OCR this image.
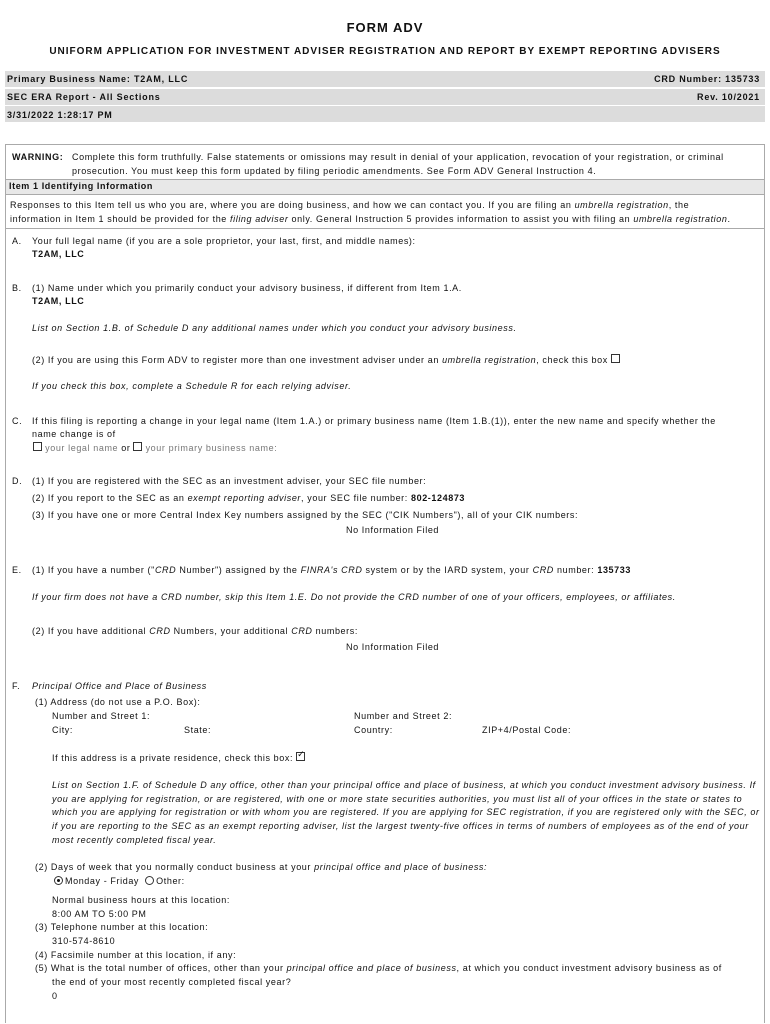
FORM ADV
UNIFORM APPLICATION FOR INVESTMENT ADVISER REGISTRATION AND REPORT BY EXEMPT REPORTING ADVISERS
Primary Business Name: T2AM, LLC	CRD Number: 135733
SEC ERA Report - All Sections	Rev. 10/2021
3/31/2022 1:28:17 PM
WARNING: Complete this form truthfully. False statements or omissions may result in denial of your application, revocation of your registration, or criminal
prosecution. You must keep this form updated by filing periodic amendments. See Form ADV General Instruction 4.
Item 1 Identifying Information
Responses to this Item tell us who you are, where you are doing business, and how we can contact you. If you are filing an umbrella registration, the
information in Item 1 should be provided for the filing adviser only. General Instruction 5 provides information to assist you with filing an umbrella registration.
A. Your full legal name (if you are a sole proprietor, your last, first, and middle names):
T2AM, LLC
B. (1) Name under which you primarily conduct your advisory business, if different from Item 1.A.
T2AM, LLC
List on Section 1.B. of Schedule D any additional names under which you conduct your advisory business.
(2) If you are using this Form ADV to register more than one investment adviser under an umbrella registration, check this box
If you check this box, complete a Schedule R for each relying adviser.
C. If this filing is reporting a change in your legal name (Item 1.A.) or primary business name (Item 1.B.(1)), enter the new name and specify whether the
name change is of
your legal name or your primary business name:
D. (1) If you are registered with the SEC as an investment adviser, your SEC file number:
(2) If you report to the SEC as an exempt reporting adviser, your SEC file number: 802-124873
(3) If you have one or more Central Index Key numbers assigned by the SEC ("CIK Numbers"), all of your CIK numbers:
No Information Filed
E. (1) If you have a number ("CRD Number") assigned by the FINRA's CRD system or by the IARD system, your CRD number: 135733
If your firm does not have a CRD number, skip this Item 1.E. Do not provide the CRD number of one of your officers, employees, or affiliates.
(2) If you have additional CRD Numbers, your additional CRD numbers:
No Information Filed
F. Principal Office and Place of Business
(1) Address (do not use a P.O. Box):
Number and Street 1:	Number and Street 2:
City:	State:	Country:	ZIP+4/Postal Code:
If this address is a private residence, check this box:✓
List on Section 1.F. of Schedule D any office, other than your principal office and place of business, at which you conduct investment advisory business. If
you are applying for registration, or are registered, with one or more state securities authorities, you must list all of your offices in the state or states to
which you are applying for registration or with whom you are registered. If you are applying for SEC registration, if you are registered only with the SEC, or
if you are reporting to the SEC as an exempt reporting adviser, list the largest twenty-five offices in terms of numbers of employees as of the end of your
most recently completed fiscal year.
(2) Days of week that you normally conduct business at your principal office and place of business:
Monday - Friday Other:
Normal business hours at this location:
8:00 AM TO 5:00 PM
(3) Telephone number at this location:
310-574-8610
(4) Facsimile number at this location, if any:
(5) What is the total number of offices, other than your principal office and place of business, at which you conduct investment advisory business as of
the end of your most recently completed fiscal year?
0
